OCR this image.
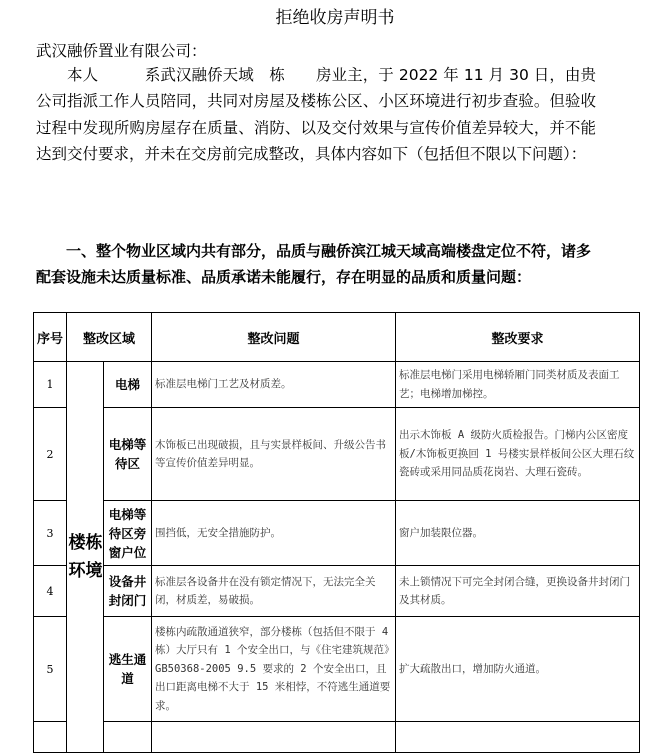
拒绝收房声明书
武汉融侨置业有限公司：

本人　　　系武汉融侨天域　栋　　房业主，于 2022 年 11 月 30 日，由贵公司指派工作人员陪同，共同对房屋及楼栋公区、小区环境进行初步查验。但验收过程中发现所购房屋存在质量、消防、以及交付效果与宣传价值差异较大，并不能达到交付要求，并未在交房前完成整改，具体内容如下（包括但不限以下问题）：

一、整个物业区域内共有部分，品质与融侨滨江城天域高端楼盘定位不符，诸多配套设施未达质量标准、品质承诺未能履行，存在明显的品质和质量问题：

序号	整改区域		整改问题	整改要求
1	楼栋环境	电梯	标准层电梯门工艺及材质差。	标准层电梯门采用电梯轿厢门同类材质及表面工艺；电梯增加梯控。
2		电梯等待区	木饰板已出现破损，且与实景样板间、升级公告书等宣传价值差异明显。	出示木饰板 A 级防火质检报告。门梯内公区密度板/木饰板更换回 1 号楼实景样板间公区大理石纹瓷砖或采用同品质花岗岩、大理石瓷砖。
3		电梯等待区旁窗户位	围挡低，无安全措施防护。	窗户加装限位器。
4		设备井封闭门	标准层各设备井在没有锁定情况下，无法完全关闭，材质差，易破损。	未上锁情况下可完全封闭合缝，更换设备井封闭门及其材质。
5		逃生通道	楼栋内疏散通道狭窄，部分楼栋（包括但不限于 4 栋）大厅只有 1 个安全出口，与《住宅建筑规范》GB50368-2005 9.5 要求的 2 个安全出口，且出口距离电梯不大于 15 米相悖，不符逃生通道要求。	扩大疏散出口，增加防火通道。
